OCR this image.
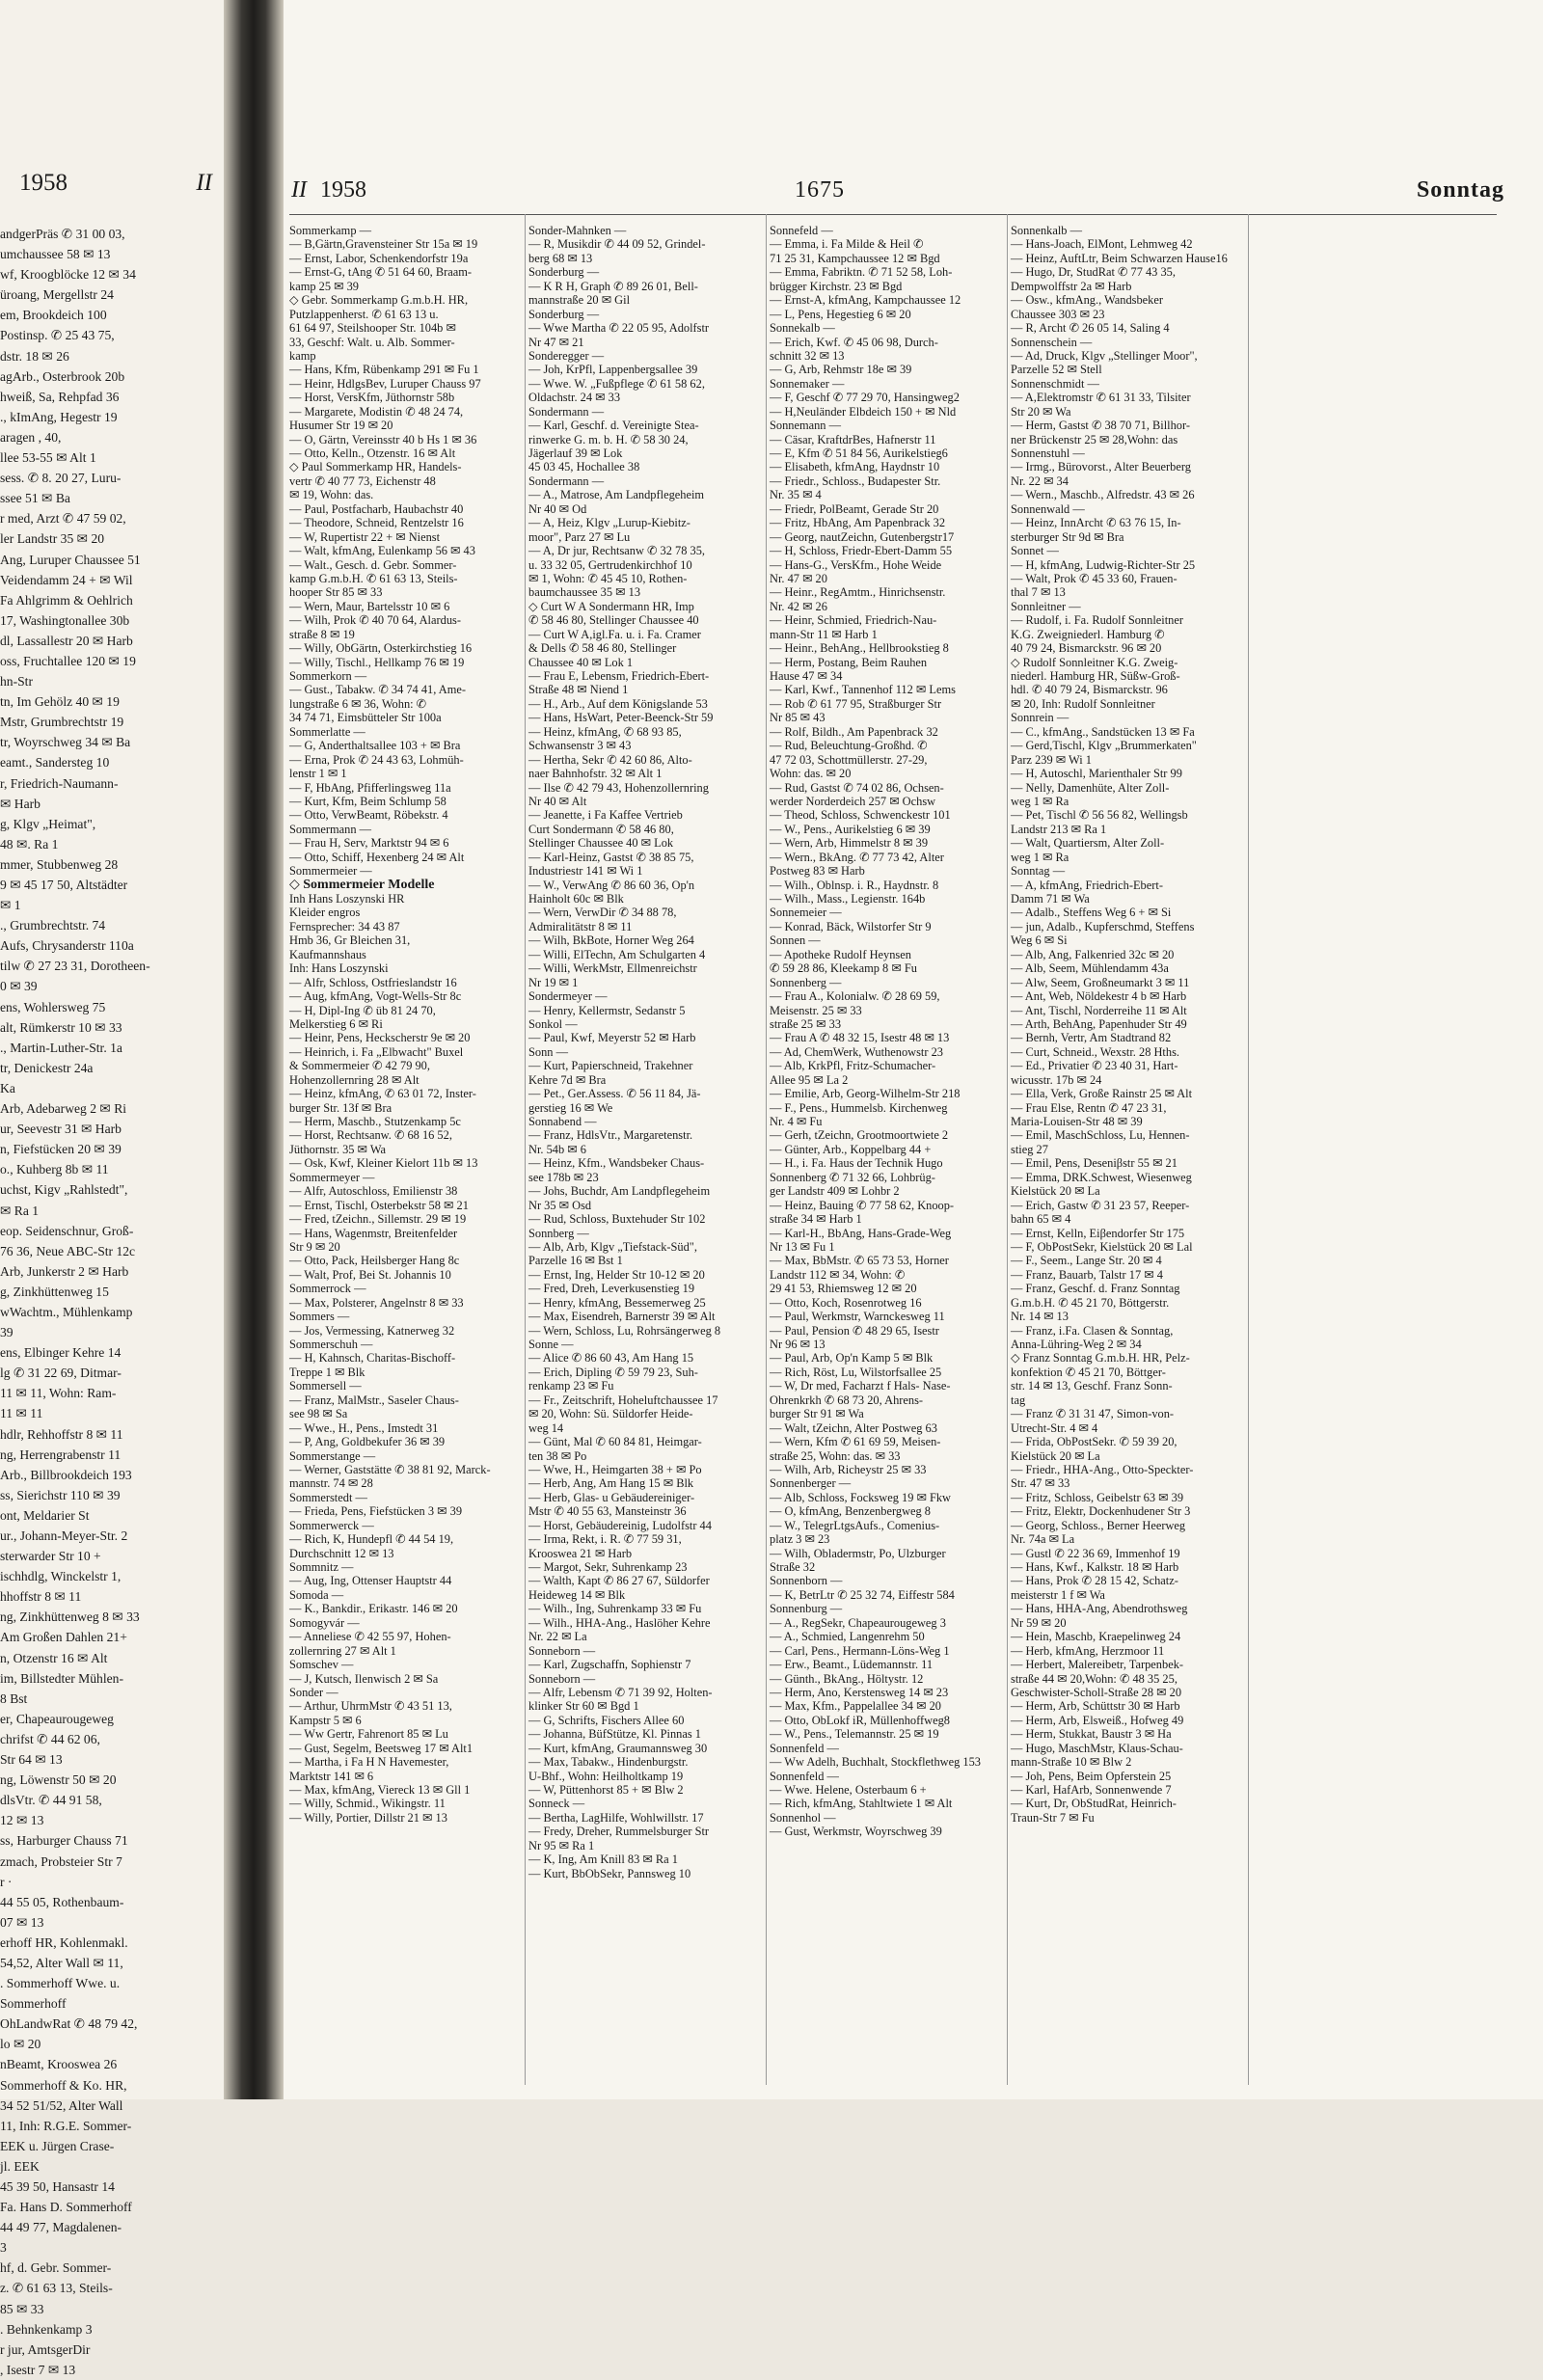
1958	II
andgerPräs ✆ 31 00 03,
umchaussee 58 ✉ 13
wf, Kroogblöcke 12 ✉ 34
üroang, Mergellstr 24
em, Brookdeich 100
Postinsp. ✆ 25 43 75,
dstr. 18 ✉ 26
agArb., Osterbrook 20b
hweiß, Sa, Rehpfad 36
., kImAng, Hegestr 19
aragen , 40,
llee 53-55 ✉ Alt 1
sess. ✆ 8. 20 27, Luru-
ssee 51 ✉ Ba
r med, Arzt ✆ 47 59 02,
ler Landstr 35 ✉ 20
Ang, Luruper Chaussee 51
Veidendamm 24 + ✉ Wil
Fa Ahlgrimm & Oehlrich
17, Washingtonallee 30b
dl, Lassallestr 20 ✉ Harb
oss, Fruchtallee 120 ✉ 19
hn-Str
tn, Im Gehölz 40 ✉ 19
Mstr, Grumbrechtstr 19
tr, Woyrschweg 34 ✉ Ba
eamt., Sandersteg 10
r, Friedrich-Naumann-
✉ Harb
g, Klgv „Heimat",
48 ✉. Ra 1
mmer, Stubbenweg 28
9 ✉ 45 17 50, Altstädter
✉ 1
., Grumbrechtstr. 74
Aufs, Chrysanderstr 110a
tilw ✆ 27 23 31, Dorotheen-
0 ✉ 39
ens, Wohlersweg 75
alt, Rümkerstr 10 ✉ 33
., Martin-Luther-Str. 1a
tr, Denickestr 24a
Ka
Arb, Adebarweg 2 ✉ Ri
ur, Seevestr 31 ✉ Harb
n, Fiefstücken 20 ✉ 39
o., Kuhberg 8b ✉ 11
uchst, Kigv „Rahlstedt",
✉ Ra 1
eop. Seidenschnur, Groß-
76 36, Neue ABC-Str 12c
Arb, Junkerstr 2 ✉ Harb
g, Zinkhüttenweg 15
wWachtm., Mühlenkamp
39
ens, Elbinger Kehre 14
lg ✆ 31 22 69, Ditmar-
11 ✉ 11, Wohn: Ram-
11 ✉ 11
hdlr, Rehhoffstr 8 ✉ 11
ng, Herrengrabenstr 11
Arb., Billbrookdeich 193
ss, Sierichstr 110 ✉ 39
ont, Meldarier St
ur., Johann-Meyer-Str. 2
sterwarder Str 10 +
ischhdlg, Winckelstr 1,
hhoffstr 8 ✉ 11
ng, Zinkhüttenweg 8 ✉ 33
Am Großen Dahlen 21+
n, Otzenstr 16 ✉ Alt
im, Billstedter Mühlen-
8 Bst
er, Chapeaurougeweg
chrifst ✆ 44 62 06,
Str 64 ✉ 13
ng, Löwenstr 50 ✉ 20
dlsVtr. ✆ 44 91 58,
12 ✉ 13
ss, Harburger Chauss 71
zmach, Probsteier Str 7
r ·
44 55 05, Rothenbaum-
07 ✉ 13
erhoff HR, Kohlenmakl.
54,52, Alter Wall ✉ 11,
. Sommerhoff Wwe. u.
Sommerhoff
OhLandwRat ✆ 48 79 42,
lo ✉ 20
nBeamt, Krooswea 26
Sommerhoff & Ko. HR,
34 52 51/52, Alter Wall
11, Inh: R.G.E. Sommer-
EEK u. Jürgen Crase-
jl. EEK
45 39 50, Hansastr 14
Fa. Hans D. Sommerhoff
44 49 77, Magdalenen-
3
hf, d. Gebr. Sommer-
z. ✆ 61 63 13, Steils-
85 ✉ 33
. Behnkenkamp 3
r jur, AmtsgerDir
, Isestr 7 ✉ 13
II 1958	1675	Sonntag
Sommerkamp —
— B,Gärtn,Gravensteiner Str 15a ✉ 19
— Ernst, Labor, Schenkendorfstr 19a
— Ernst-G, tAng ✆ 51 64 60, Braam-
kamp 25 ✉ 39
◇ Gebr. Sommerkamp G.m.b.H. HR,
Putzlappenherst. ✆ 61 63 13 u.
61 64 97, Steilshooper Str. 104b ✉
33, Geschf: Walt. u. Alb. Sommer-
kamp
— Hans, Kfm, Rübenkamp 291 ✉ Fu 1
— Heinr, HdlgsBev, Luruper Chauss 97
— Horst, VersKfm, Jüthornstr 58b
— Margarete, Modistin ✆ 48 24 74,
Husumer Str 19 ✉ 20
— O, Gärtn, Vereinsstr 40 b Hs 1 ✉ 36
— Otto, Kelln., Otzenstr. 16 ✉ Alt
◇ Paul Sommerkamp HR, Handels-
vertr ✆ 40 77 73, Eichenstr 48
✉ 19, Wohn: das.
— Paul, Postfacharb, Haubachstr 40
— Theodore, Schneid, Rentzelstr 16
— W, Rupertistr 22 + ✉ Nienst
— Walt, kfmAng, Eulenkamp 56 ✉ 43
— Walt., Gesch. d. Gebr. Sommer-
kamp G.m.b.H. ✆ 61 63 13, Steils-
hooper Str 85 ✉ 33
— Wern, Maur, Bartelsstr 10 ✉ 6
— Wilh, Prok ✆ 40 70 64, Alardus-
straße 8 ✉ 19
— Willy, ObGärtn, Osterkirchstieg 16
— Willy, Tischl., Hellkamp 76 ✉ 19
Sommerkorn —
— Gust., Tabakw. ✆ 34 74 41, Ame-
lungstraße 6 ✉ 36, Wohn: ✆
34 74 71, Eimsbütteler Str 100a
Sommerlatte —
— G, Anderthaltsallee 103 + ✉ Bra
— Erna, Prok ✆ 24 43 63, Lohmüh-
lenstr 1 ✉ 1
— F, HbAng, Pfifferlingsweg 11a
— Kurt, Kfm, Beim Schlump 58
— Otto, VerwBeamt, Röbekstr. 4
Sommermann —
— Frau H, Serv, Marktstr 94 ✉ 6
— Otto, Schiff, Hexenberg 24 ✉ Alt
Sommermeier —
◇ Sommermeier Modelle
Inh Hans Loszynski HR
Kleider engros
Fernsprecher: 34 43 87
Hmb 36, Gr Bleichen 31,
Kaufmannshaus
Inh: Hans Loszynski
— Alfr, Schloss, Ostfrieslandstr 16
— Aug, kfmAng, Vogt-Wells-Str 8c
— H, Dipl-Ing ✆ üb 81 24 70,
Melkerstieg 6 ✉ Ri
— Heinr, Pens, Heckscherstr 9e ✉ 20
— Heinrich, i. Fa „Elbwacht" Buxel
& Sommermeier ✆ 42 79 90,
Hohenzollernring 28 ✉ Alt
— Heinz, kfmAng, ✆ 63 01 72, Inster-
burger Str. 13f ✉ Bra
— Herm, Maschb., Stutzenkamp 5c
— Horst, Rechtsanw. ✆ 68 16 52,
Jüthornstr. 35 ✉ Wa
— Osk, Kwf, Kleiner Kielort 11b ✉ 13
Sommermeyer —
— Alfr, Autoschloss, Emilienstr 38
— Ernst, Tischl, Osterbekstr 58 ✉ 21
— Fred, tZeichn., Sillemstr. 29 ✉ 19
— Hans, Wagenmstr, Breitenfelder
Str 9 ✉ 20
— Otto, Pack, Heilsberger Hang 8c
— Walt, Prof, Bei St. Johannis 10
Sommerrock —
— Max, Polsterer, Angelnstr 8 ✉ 33
Sommers —
— Jos, Vermessing, Katnerweg 32
Sommerschuh —
— H, Kahnsch, Charitas-Bischoff-
Treppe 1 ✉ Blk
Sommersell —
— Franz, MalMstr., Saseler Chaus-
see 98 ✉ Sa
— Wwe., H., Pens., Imstedt 31
— P, Ang, Goldbekufer 36 ✉ 39
Sommerstange —
— Werner, Gaststätte ✆ 38 81 92, Marck-
mannstr. 74 ✉ 28
Sommerstedt —
— Frieda, Pens, Fiefstücken 3 ✉ 39
Sommerwerck —
— Rich, K, Hundepfl ✆ 44 54 19,
Durchschnitt 12 ✉ 13
Sommnitz —
— Aug, Ing, Ottenser Hauptstr 44
Somoda —
— K., Bankdir., Erikastr. 146 ✉ 20
Somogyvár —
— Anneliese ✆ 42 55 97, Hohen-
zollernring 27 ✉ Alt 1
Somschev —
— J, Kutsch, Ilenwisch 2 ✉ Sa
Sonder —
— Arthur, UhrmMstr ✆ 43 51 13,
Kampstr 5 ✉ 6
— Ww Gertr, Fahrenort 85 ✉ Lu
— Gust, Segelm, Beetsweg 17 ✉ Alt1
— Martha, i Fa H N Havemester,
Marktstr 141 ✉ 6
— Max, kfmAng, Viereck 13 ✉ Gll 1
— Willy, Schmid., Wikingstr. 11
— Willy, Portier, Dillstr 21 ✉ 13
Sonder-Mahnken —
— R, Musikdir ✆ 44 09 52, Grindel-
berg 68 ✉ 13
Sonderburg —
— K R H, Graph ✆ 89 26 01, Bell-
mannstraße 20 ✉ Gil
Sonderburg —
— Wwe Martha ✆ 22 05 95, Adolfstr
Nr 47 ✉ 21
Sonderegger —
— Joh, KrPfl, Lappenbergsallee 39
— Wwe. W. „Fußpflege ✆ 61 58 62,
Oldachstr. 24 ✉ 33
Sondermann —
— Karl, Geschf. d. Vereinigte Stea-
rinwerke G. m. b. H. ✆ 58 30 24,
Jägerlauf 39 ✉ Lok
45 03 45, Hochallee 38
Sondermann —
— A., Matrose, Am Landpflegeheim
Nr 40 ✉ Od
— A, Heiz, Klgv „Lurup-Kiebitz-
moor", Parz 27 ✉ Lu
— A, Dr jur, Rechtsanw ✆ 32 78 35,
u. 33 32 05, Gertrudenkirchhof 10
✉ 1, Wohn: ✆ 45 45 10, Rothen-
baumchaussee 35 ✉ 13
◇ Curt W A Sondermann HR, Imp
✆ 58 46 80, Stellinger Chaussee 40
— Curt W A,igl.Fa. u. i. Fa. Cramer
& Dells ✆ 58 46 80, Stellinger
Chaussee 40 ✉ Lok 1
— Frau E, Lebensm, Friedrich-Ebert-
Straße 48 ✉ Niend 1
— H., Arb., Auf dem Königslande 53
— Hans, HsWart, Peter-Beenck-Str 59
— Heinz, kfmAng, ✆ 68 93 85,
Schwansenstr 3 ✉ 43
— Hertha, Sekr ✆ 42 60 86, Alto-
naer Bahnhofstr. 32 ✉ Alt 1
— Ilse ✆ 42 79 43, Hohenzollernring
Nr 40 ✉ Alt
— Jeanette, i Fa Kaffee Vertrieb
Curt Sondermann ✆ 58 46 80,
Stellinger Chaussee 40 ✉ Lok
— Karl-Heinz, Gastst ✆ 38 85 75,
Industriestr 141 ✉ Wi 1
— W., VerwAng ✆ 86 60 36, Op'n
Hainholt 60c ✉ Blk
— Wern, VerwDir ✆ 34 88 78,
Admiralitätstr 8 ✉ 11
— Wilh, BkBote, Horner Weg 264
— Willi, ElTechn, Am Schulgarten 4
— Willi, WerkMstr, Ellmenreichstr
Nr 19 ✉ 1
Sondermeyer —
— Henry, Kellermstr, Sedanstr 5
Sonkol —
— Paul, Kwf, Meyerstr 52 ✉ Harb
Sonn —
— Kurt, Papierschneid, Trakehner
Kehre 7d ✉ Bra
— Pet., Ger.Assess. ✆ 56 11 84, Jä-
gerstieg 16 ✉ We
Sonnabend —
— Franz, HdlsVtr., Margaretenstr.
Nr. 54b ✉ 6
— Heinz, Kfm., Wandsbeker Chaus-
see 178b ✉ 23
— Johs, Buchdr, Am Landpflegeheim
Nr 35 ✉ Osd
— Rud, Schloss, Buxtehuder Str 102
Sonnberg —
— Alb, Arb, Klgv „Tiefstack-Süd",
Parzelle 16 ✉ Bst 1
— Ernst, Ing, Helder Str 10-12 ✉ 20
— Fred, Dreh, Leverkusenstieg 19
— Henry, kfmAng, Bessemerweg 25
— Max, Eisendreh, Barnerstr 39 ✉ Alt
— Wern, Schloss, Lu, Rohrsängerweg 8
Sonne —
— Alice ✆ 86 60 43, Am Hang 15
— Erich, Dipling ✆ 59 79 23, Suh-
renkamp 23 ✉ Fu
— Fr., Zeitschrift, Hoheluftchaussee 17
✉ 20, Wohn: Sü. Süldorfer Heide-
weg 14
— Günt, Mal ✆ 60 84 81, Heimgar-
ten 38 ✉ Po
— Wwe, H., Heimgarten 38 + ✉ Po
— Herb, Ang, Am Hang 15 ✉ Blk
— Herb, Glas- u Gebäudereiniger-
Mstr ✆ 40 55 63, Mansteinstr 36
— Horst, Gebäudereinig, Ludolfstr 44
— Irma, Rekt, i. R. ✆ 77 59 31,
Krooswea 21 ✉ Harb
— Margot, Sekr, Suhrenkamp 23
— Walth, Kapt ✆ 86 27 67, Süldorfer
Heideweg 14 ✉ Blk
— Wilh., Ing, Suhrenkamp 33 ✉ Fu
— Wilh., HHA-Ang., Haslöher Kehre
Nr. 22 ✉ La
Sonneborn —
— Karl, Zugschaffn, Sophienstr 7
Sonneborn —
— Alfr, Lebensm ✆ 71 39 92, Holten-
klinker Str 60 ✉ Bgd 1
— G, Schrifts, Fischers Allee 60
— Johanna, BüfStütze, Kl. Pinnas 1
— Kurt, kfmAng, Graumannsweg 30
— Max, Tabakw., Hindenburgstr.
U-Bhf., Wohn: Heilholtkamp 19
— W, Püttenhorst 85 + ✉ Blw 2
Sonneck —
— Bertha, LagHilfe, Wohlwillstr. 17
— Fredy, Dreher, Rummelsburger Str
Nr 95 ✉ Ra 1
— K, Ing, Am Knill 83 ✉ Ra 1
— Kurt, BbObSekr, Pannsweg 10
Sonnefeld —
— Emma, i. Fa Milde & Heil ✆
71 25 31, Kampchaussee 12 ✉ Bgd
— Emma, Fabriktn. ✆ 71 52 58, Loh-
brügger Kirchstr. 23 ✉ Bgd
— Ernst-A, kfmAng, Kampchaussee 12
— L, Pens, Hegestieg 6 ✉ 20
Sonnekalb —
— Erich, Kwf. ✆ 45 06 98, Durch-
schnitt 32 ✉ 13
— G, Arb, Rehmstr 18e ✉ 39
Sonnemaker —
— F, Geschf ✆ 77 29 70, Hansingweg2
— H,Neuländer Elbdeich 150 + ✉ Nld
Sonnemann —
— Cäsar, KraftdrBes, Hafnerstr 11
— E, Kfm ✆ 51 84 56, Aurikelstieg6
— Elisabeth, kfmAng, Haydnstr 10
— Friedr., Schloss., Budapester Str.
Nr. 35 ✉ 4
— Friedr, PolBeamt, Gerade Str 20
— Fritz, HbAng, Am Papenbrack 32
— Georg, nautZeichn, Gutenbergstr17
— H, Schloss, Friedr-Ebert-Damm 55
— Hans-G., VersKfm., Hohe Weide
Nr. 47 ✉ 20
— Heinr., RegAmtm., Hinrichsenstr.
Nr. 42 ✉ 26
— Heinr, Schmied, Friedrich-Nau-
mann-Str 11 ✉ Harb 1
— Heinr., BehAng., Hellbrookstieg 8
— Herm, Postang, Beim Rauhen
Hause 47 ✉ 34
— Karl, Kwf., Tannenhof 112 ✉ Lems
— Rob ✆ 61 77 95, Straßburger Str
Nr 85 ✉ 43
— Rolf, Bildh., Am Papenbrack 32
— Rud, Beleuchtung-Großhd. ✆
47 72 03, Schottmüllerstr. 27-29,
Wohn: das. ✉ 20
— Rud, Gastst ✆ 74 02 86, Ochsen-
werder Norderdeich 257 ✉ Ochsw
— Theod, Schloss, Schwenckestr 101
— W., Pens., Aurikelstieg 6 ✉ 39
— Wern, Arb, Himmelstr 8 ✉ 39
— Wern., BkAng. ✆ 77 73 42, Alter
Postweg 83 ✉ Harb
— Wilh., Oblnsp. i. R., Haydnstr. 8
— Wilh., Mass., Legienstr. 164b
Sonnemeier —
— Konrad, Bäck, Wilstorfer Str 9
Sonnen —
— Apotheke Rudolf Heynsen
✆ 59 28 86, Kleekamp 8 ✉ Fu
Sonnenberg —
— Frau A., Kolonialw. ✆ 28 69 59,
Meisenstr. 25 ✉ 33
straße 25 ✉ 33
— Frau A ✆ 48 32 15, Isestr 48 ✉ 13
— Ad, ChemWerk, Wuthenowstr 23
— Alb, KrkPfl, Fritz-Schumacher-
Allee 95 ✉ La 2
— Emilie, Arb, Georg-Wilhelm-Str 218
— F., Pens., Hummelsb. Kirchenweg
Nr. 4 ✉ Fu
— Gerh, tZeichn, Grootmoortwiete 2
— Günter, Arb., Koppelbarg 44 +
— H., i. Fa. Haus der Technik Hugo
Sonnenberg ✆ 71 32 66, Lohbrüg-
ger Landstr 409 ✉ Lohbr 2
— Heinz, Bauing ✆ 77 58 62, Knoop-
straße 34 ✉ Harb 1
— Karl-H., BbAng, Hans-Grade-Weg
Nr 13 ✉ Fu 1
— Max, BbMstr. ✆ 65 73 53, Horner
Landstr 112 ✉ 34, Wohn: ✆
29 41 53, Rhiemsweg 12 ✉ 20
— Otto, Koch, Rosenrotweg 16
— Paul, Werkmstr, Warnckesweg 11
— Paul, Pension ✆ 48 29 65, Isestr
Nr 96 ✉ 13
— Paul, Arb, Op'n Kamp 5 ✉ Blk
— Rich, Röst, Lu, Wilstorfsallee 25
— W, Dr med, Facharzt f Hals- Nase-
Ohrenkrkh ✆ 68 73 20, Ahrens-
burger Str 91 ✉ Wa
— Walt, tZeichn, Alter Postweg 63
— Wern, Kfm ✆ 61 69 59, Meisen-
straße 25, Wohn: das. ✉ 33
— Wilh, Arb, Richeystr 25 ✉ 33
Sonnenberger —
— Alb, Schloss, Focksweg 19 ✉ Fkw
— O, kfmAng, Benzenbergweg 8
— W., TelegrLtgsAufs., Comenius-
platz 3 ✉ 23
— Wilh, Obladermstr, Po, Ulzburger
Straße 32
Sonnenborn —
— K, BetrLtr ✆ 25 32 74, Eiffestr 584
Sonnenburg —
— A., RegSekr, Chapeaurougeweg 3
— A., Schmied, Langenrehm 50
— Carl, Pens., Hermann-Löns-Weg 1
— Erw., Beamt., Lüdemannstr. 11
— Günth., BkAng., Höltystr. 12
— Herm, Ano, Kerstensweg 14 ✉ 23
— Max, Kfm., Pappelallee 34 ✉ 20
— Otto, ObLokf iR, Müllenhoffweg8
— W., Pens., Telemannstr. 25 ✉ 19
Sonnenfeld —
— Ww Adelh, Buchhalt, Stockflethweg 153
Sonnenfeld —
— Wwe. Helene, Osterbaum 6 +
— Rich, kfmAng, Stahltwiete 1 ✉ Alt
Sonnenhol —
— Gust, Werkmstr, Woyrschweg 39
Sonnenkalb —
— Hans-Joach, ElMont, Lehmweg 42
— Heinz, AuftLtr, Beim Schwarzen Hause16
— Hugo, Dr, StudRat ✆ 77 43 35,
Dempwolffstr 2a ✉ Harb
— Osw., kfmAng., Wandsbeker
Chaussee 303 ✉ 23
— R, Archt ✆ 26 05 14, Saling 4
Sonnenschein —
— Ad, Druck, Klgv „Stellinger Moor",
Parzelle 52 ✉ Stell
Sonnenschmidt —
— A,Elektromstr ✆ 61 31 33, Tilsiter
Str 20 ✉ Wa
— Herm, Gastst ✆ 38 70 71, Billhor-
ner Brückenstr 25 ✉ 28,Wohn: das
Sonnenstuhl —
— Irmg., Bürovorst., Alter Beuerberg
Nr. 22 ✉ 34
— Wern., Maschb., Alfredstr. 43 ✉ 26
Sonnenwald —
— Heinz, InnArcht ✆ 63 76 15, In-
sterburger Str 9d ✉ Bra
Sonnet —
— H, kfmAng, Ludwig-Richter-Str 25
— Walt, Prok ✆ 45 33 60, Frauen-
thal 7 ✉ 13
Sonnleitner —
— Rudolf, i. Fa. Rudolf Sonnleitner
K.G. Zweigniederl. Hamburg ✆
40 79 24, Bismarckstr. 96 ✉ 20
◇ Rudolf Sonnleitner K.G. Zweig-
niederl. Hamburg HR, Süßw-Groß-
hdl. ✆ 40 79 24, Bismarckstr. 96
✉ 20, Inh: Rudolf Sonnleitner
Sonnrein —
— C., kfmAng., Sandstücken 13 ✉ Fa
— Gerd,Tischl, Klgv „Brummerkaten"
Parz 239 ✉ Wi 1
— H, Autoschl, Marienthaler Str 99
— Nelly, Damenhüte, Alter Zoll-
weg 1 ✉ Ra
— Pet, Tischl ✆ 56 56 82, Wellingsb
Landstr 213 ✉ Ra 1
— Walt, Quartiersm, Alter Zoll-
weg 1 ✉ Ra
Sonntag —
— A, kfmAng, Friedrich-Ebert-
Damm 71 ✉ Wa
— Adalb., Steffens Weg 6 + ✉ Si
— jun, Adalb., Kupferschmd, Steffens
Weg 6 ✉ Si
— Alb, Ang, Falkenried 32c ✉ 20
— Alb, Seem, Mühlendamm 43a
— Alw, Seem, Großneumarkt 3 ✉ 11
— Ant, Web, Nöldekestr 4 b ✉ Harb
— Ant, Tischl, Norderreihe 11 ✉ Alt
— Arth, BehAng, Papenhuder Str 49
— Bernh, Vertr, Am Stadtrand 82
— Curt, Schneid., Wexstr. 28 Hths.
— Ed., Privatier ✆ 23 40 31, Hart-
wicusstr. 17b ✉ 24
— Ella, Verk, Große Rainstr 25 ✉ Alt
— Frau Else, Rentn ✆ 47 23 31,
Maria-Louisen-Str 48 ✉ 39
— Emil, MaschSchloss, Lu, Hennen-
stieg 27
— Emil, Pens, Deseniβstr 55 ✉ 21
— Emma, DRK.Schwest, Wiesenweg
Kielstück 20 ✉ La
— Erich, Gastw ✆ 31 23 57, Reeper-
bahn 65 ✉ 4
— Ernst, Kelln, Eiβendorfer Str 175
— F, ObPostSekr, Kielstück 20 ✉ Lal
— F., Seem., Lange Str. 20 ✉ 4
— Franz, Bauarb, Talstr 17 ✉ 4
— Franz, Geschf. d. Franz Sonntag
G.m.b.H. ✆ 45 21 70, Böttgerstr.
Nr. 14 ✉ 13
— Franz, i.Fa. Clasen & Sonntag,
Anna-Lühring-Weg 2 ✉ 34
◇ Franz Sonntag G.m.b.H. HR, Pelz-
konfektion ✆ 45 21 70, Böttger-
str. 14 ✉ 13, Geschf. Franz Sonn-
tag
— Franz ✆ 31 31 47, Simon-von-
Utrecht-Str. 4 ✉ 4
— Frida, ObPostSekr. ✆ 59 39 20,
Kielstück 20 ✉ La
— Friedr., HHA-Ang., Otto-Speckter-
Str. 47 ✉ 33
— Fritz, Schloss, Geibelstr 63 ✉ 39
— Fritz, Elektr, Dockenhudener Str 3
— Georg, Schloss., Berner Heerweg
Nr. 74a ✉ La
— Gustl ✆ 22 36 69, Immenhof 19
— Hans, Kwf., Kalkstr. 18 ✉ Harb
— Hans, Prok ✆ 28 15 42, Schatz-
meisterstr 1 f ✉ Wa
— Hans, HHA-Ang, Abendrothsweg
Nr 59 ✉ 20
— Hein, Maschb, Kraepelinweg 24
— Herb, kfmAng, Herzmoor 11
— Herbert, Malereibetr, Tarpenbek-
straße 44 ✉ 20,Wohn: ✆ 48 35 25,
Geschwister-Scholl-Straße 28 ✉ 20
— Herm, Arb, Schüttstr 30 ✉ Harb
— Herm, Arb, Elsweiß., Hofweg 49
— Herm, Stukkat, Baustr 3 ✉ Ha
— Hugo, MaschMstr, Klaus-Schau-
mann-Straße 10 ✉ Blw 2
— Joh, Pens, Beim Opferstein 25
— Karl, HafArb, Sonnenwende 7
— Kurt, Dr, ObStudRat, Heinrich-
Traun-Str 7 ✉ Fu
